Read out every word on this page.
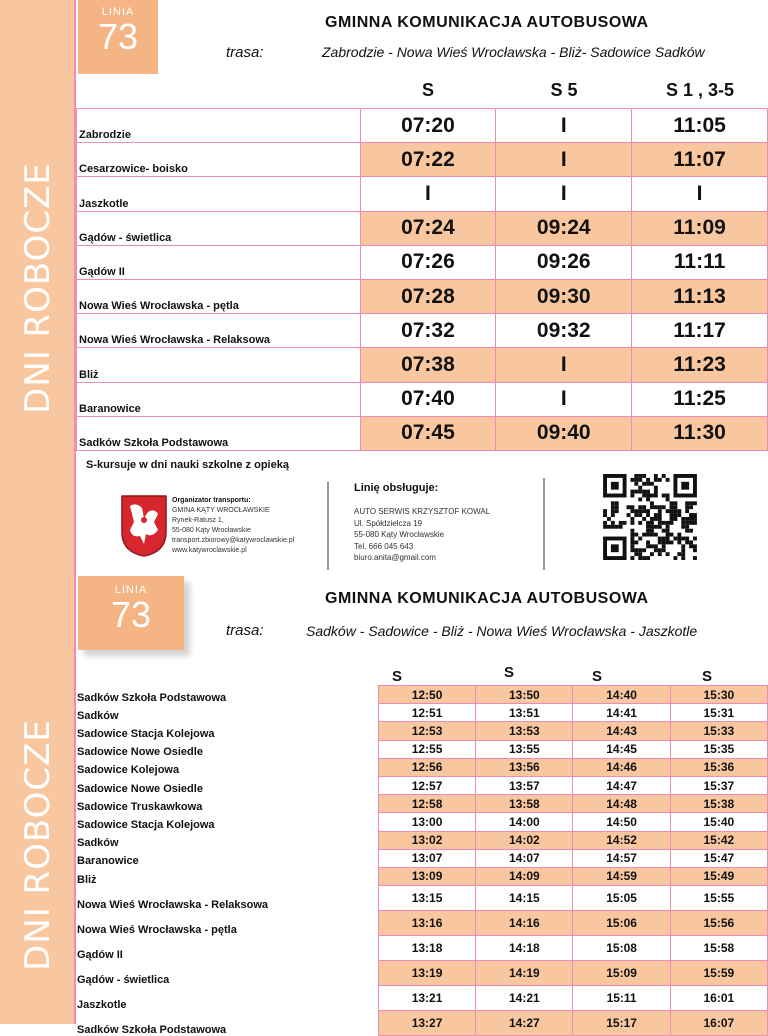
DNI ROBOCZE
LINIA
73	GMINNA KOMUNIKACJA AUTOBUSOWA
trasa:	Zabrodzie - Nowa Wieś Wrocławska - Bliż- Sadowice Sadków
S	S 5	S 1 , 3-5
Zabrodzie	07:20	I	11:05
Cesarzowice- boisko	07:22	I	11:07
Jaszkotle	I	I	I
Gądów - świetlica	07:24	09:24	11:09
Gądów II	07:26	09:26	11:11
Nowa Wieś Wrocławska - pętla	07:28	09:30	11:13
Nowa Wieś Wrocławska - Relaksowa	07:32	09:32	11:17
Bliż	07:38	I	11:23
Baranowice	07:40	I	11:25
Sadków Szkoła Podstawowa	07:45	09:40	11:30
S-kursuje w dni nauki szkolne z opieką
Organizator transportu:
GMINA KĄTY WROCŁAWSKIE
Rynek-Ratusz 1,
55-080 Kąty Wrocławskie
transport.zbiorowy@katywroclawskie.pl
www.katywroclawskie.pl
Linię obsługuje:
AUTO SERWIS KRZYSZTOF KOWAL
Ul. Spółdzielcza 19
55-080 Kąty Wrocławskie
Tel. 666 045 643
biuro.anita@gmail.com
DNI ROBOCZE
LINIA
73	GMINNA KOMUNIKACJA AUTOBUSOWA
trasa:	Sadków - Sadowice - Bliż - Nowa Wieś Wrocławska - Jaszkotle
S	S	S	S
Sadków Szkoła Podstawowa	12:50	13:50	14:40	15:30
Sadków	12:51	13:51	14:41	15:31
Sadowice Stacja Kolejowa	12:53	13:53	14:43	15:33
Sadowice Nowe Osiedle	12:55	13:55	14:45	15:35
Sadowice Kolejowa	12:56	13:56	14:46	15:36
Sadowice Nowe Osiedle	12:57	13:57	14:47	15:37
Sadowice Truskawkowa	12:58	13:58	14:48	15:38
Sadowice Stacja Kolejowa	13:00	14:00	14:50	15:40
Sadków	13:02	14:02	14:52	15:42
Baranowice	13:07	14:07	14:57	15:47
Bliż	13:09	14:09	14:59	15:49
Nowa Wieś Wrocławska - Relaksowa	13:15	14:15	15:05	15:55
Nowa Wieś Wrocławska - pętla	13:16	14:16	15:06	15:56
Gądów II	13:18	14:18	15:08	15:58
Gądów - świetlica	13:19	14:19	15:09	15:59
Jaszkotle	13:21	14:21	15:11	16:01
Sadków Szkoła Podstawowa	13:27	14:27	15:17	16:07
